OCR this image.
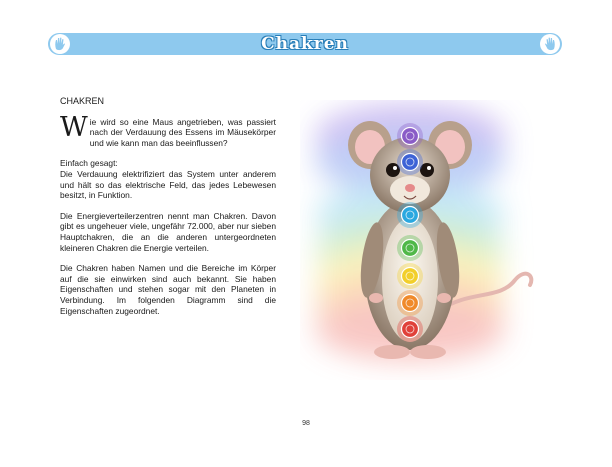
Chakren
CHAKREN
Wie wird so eine Maus angetrieben, was passiert nach der Verdauung des Essens im Mäusekörper und wie kann man das beeinflussen?
Einfach gesagt:
Die Verdauung elektrifiziert das System unter anderem und hält so das elektrische Feld, das jedes Lebewesen besitzt, in Funktion.
Die Energieverteilerzentren nennt man Chakren. Davon gibt es ungeheuer viele, ungefähr 72.000, aber nur sieben Hauptchakren, die an die anderen untergeordneten kleineren Chakren die Energie verteilen.
Die Chakren haben Namen und die Bereiche im Körper auf die sie einwirken sind auch bekannt. Sie haben Eigenschaften und stehen sogar mit den Planeten in Verbindung. Im folgenden Diagramm sind die Eigenschaften zugeordnet.
98
